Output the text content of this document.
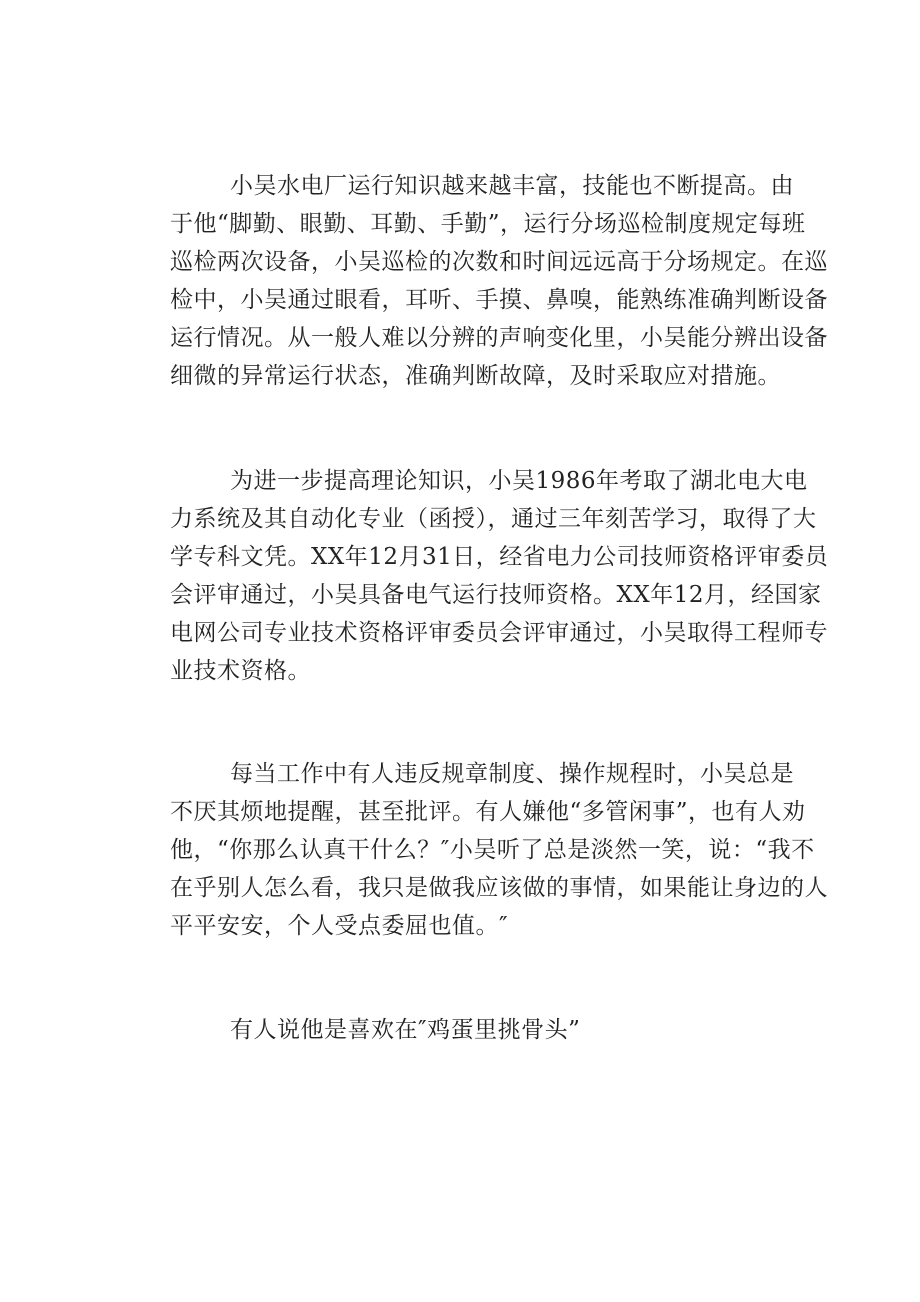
小吴水电厂运行知识越来越丰富，技能也不断提高。由
于他“脚勤、眼勤、耳勤、手勤”，运行分场巡检制度规定每班
巡检两次设备，小吴巡检的次数和时间远远高于分场规定。在巡
检中，小吴通过眼看，耳听、手摸、鼻嗅，能熟练准确判断设备
运行情况。从一般人难以分辨的声响变化里，小吴能分辨出设备
细微的异常运行状态，准确判断故障，及时采取应对措施。
为进一步提高理论知识，小吴1986年考取了湖北电大电
力系统及其自动化专业（函授），通过三年刻苦学习，取得了大
学专科文凭。XX年12月31日，经省电力公司技师资格评审委员
会评审通过，小吴具备电气运行技师资格。XX年12月，经国家
电网公司专业技术资格评审委员会评审通过，小吴取得工程师专
业技术资格。
每当工作中有人违反规章制度、操作规程时，小吴总是
不厌其烦地提醒，甚至批评。有人嫌他“多管闲事”，也有人劝
他，“你那么认真干什么？″小吴听了总是淡然一笑，说：“我不
在乎别人怎么看，我只是做我应该做的事情，如果能让身边的人
平平安安，个人受点委屈也值。″
有人说他是喜欢在″鸡蛋里挑骨头”
